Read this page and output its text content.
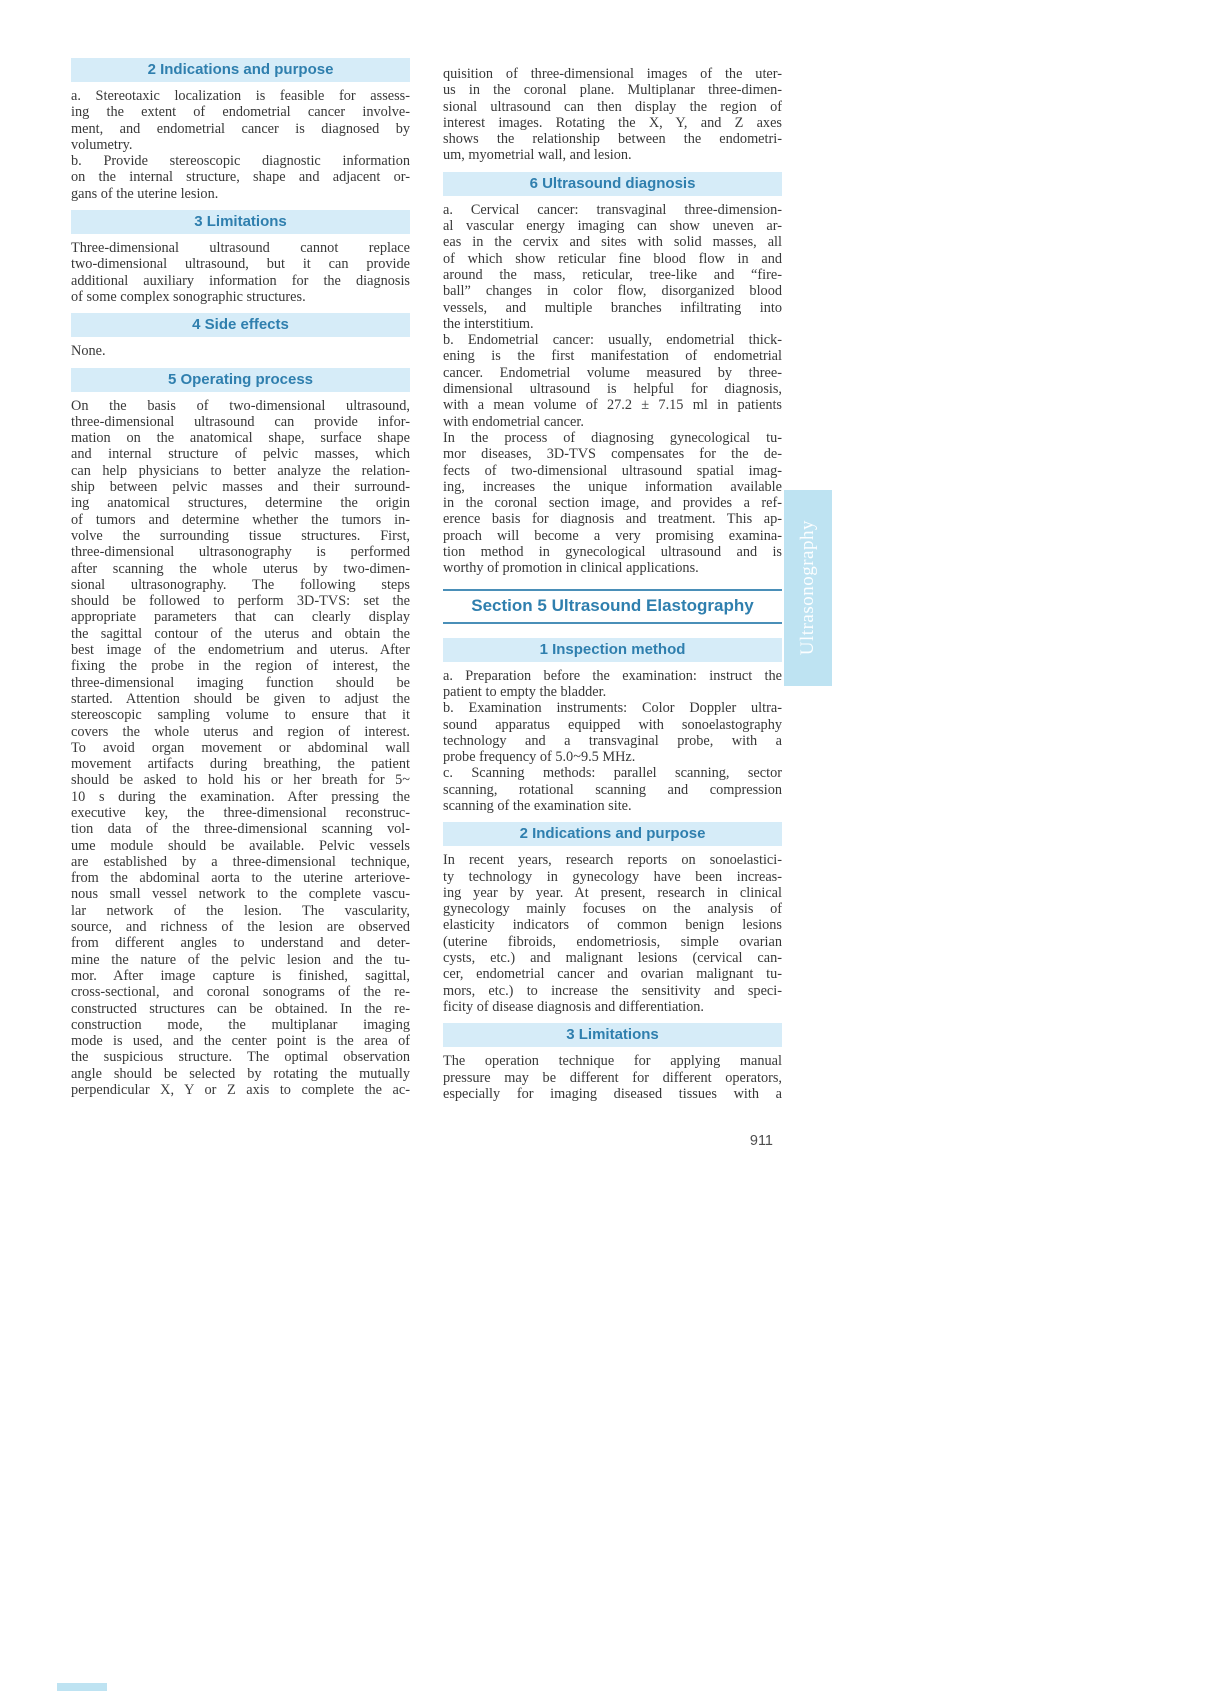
2 Indications and purpose
a. Stereotaxic localization is feasible for assess-
ing the extent of endometrial cancer involve-
ment, and endometrial cancer is diagnosed by
volumetry.
b. Provide stereoscopic diagnostic information
on the internal structure, shape and adjacent or-
gans of the uterine lesion.
3 Limitations
Three-dimensional ultrasound cannot replace
two-dimensional ultrasound, but it can provide
additional auxiliary information for the diagnosis
of some complex sonographic structures.
4 Side effects
None.
5 Operating process
On the basis of two-dimensional ultrasound,
three-dimensional ultrasound can provide infor-
mation on the anatomical shape, surface shape
and internal structure of pelvic masses, which
can help physicians to better analyze the relation-
ship between pelvic masses and their surround-
ing anatomical structures, determine the origin
of tumors and determine whether the tumors in-
volve the surrounding tissue structures. First,
three-dimensional ultrasonography is performed
after scanning the whole uterus by two-dimen-
sional ultrasonography. The following steps
should be followed to perform 3D-TVS: set the
appropriate parameters that can clearly display
the sagittal contour of the uterus and obtain the
best image of the endometrium and uterus. After
fixing the probe in the region of interest, the
three-dimensional imaging function should be
started. Attention should be given to adjust the
stereoscopic sampling volume to ensure that it
covers the whole uterus and region of interest.
To avoid organ movement or abdominal wall
movement artifacts during breathing, the patient
should be asked to hold his or her breath for 5~
10 s during the examination. After pressing the
executive key, the three-dimensional reconstruc-
tion data of the three-dimensional scanning vol-
ume module should be available. Pelvic vessels
are established by a three-dimensional technique,
from the abdominal aorta to the uterine arteriove-
nous small vessel network to the complete vascu-
lar network of the lesion. The vascularity,
source, and richness of the lesion are observed
from different angles to understand and deter-
mine the nature of the pelvic lesion and the tu-
mor. After image capture is finished, sagittal,
cross-sectional, and coronal sonograms of the re-
constructed structures can be obtained. In the re-
construction mode, the multiplanar imaging
mode is used, and the center point is the area of
the suspicious structure. The optimal observation
angle should be selected by rotating the mutually
perpendicular X, Y or Z axis to complete the ac-
quisition of three-dimensional images of the uter-
us in the coronal plane. Multiplanar three-dimen-
sional ultrasound can then display the region of
interest images. Rotating the X, Y, and Z axes
shows the relationship between the endometri-
um, myometrial wall, and lesion.
6 Ultrasound diagnosis
a. Cervical cancer: transvaginal three-dimension-
al vascular energy imaging can show uneven ar-
eas in the cervix and sites with solid masses, all
of which show reticular fine blood flow in and
around the mass, reticular, tree-like and “fire-
ball” changes in color flow, disorganized blood
vessels, and multiple branches infiltrating into
the interstitium.
b. Endometrial cancer: usually, endometrial thick-
ening is the first manifestation of endometrial
cancer. Endometrial volume measured by three-
dimensional ultrasound is helpful for diagnosis,
with a mean volume of 27.2 ± 7.15 ml in patients
with endometrial cancer.
In the process of diagnosing gynecological tu-
mor diseases, 3D-TVS compensates for the de-
fects of two-dimensional ultrasound spatial imag-
ing, increases the unique information available
in the coronal section image, and provides a ref-
erence basis for diagnosis and treatment. This ap-
proach will become a very promising examina-
tion method in gynecological ultrasound and is
worthy of promotion in clinical applications.
Section 5 Ultrasound Elastography
1 Inspection method
a. Preparation before the examination: instruct the
patient to empty the bladder.
b. Examination instruments: Color Doppler ultra-
sound apparatus equipped with sonoelastography
technology and a transvaginal probe, with a
probe frequency of 5.0~9.5 MHz.
c. Scanning methods: parallel scanning, sector
scanning, rotational scanning and compression
scanning of the examination site.
2 Indications and purpose
In recent years, research reports on sonoelastici-
ty technology in gynecology have been increas-
ing year by year. At present, research in clinical
gynecology mainly focuses on the analysis of
elasticity indicators of common benign lesions
(uterine fibroids, endometriosis, simple ovarian
cysts, etc.) and malignant lesions (cervical can-
cer, endometrial cancer and ovarian malignant tu-
mors, etc.) to increase the sensitivity and speci-
ficity of disease diagnosis and differentiation.
3 Limitations
The operation technique for applying manual
pressure may be different for different operators,
especially for imaging diseased tissues with a
Ultrasonography
911
